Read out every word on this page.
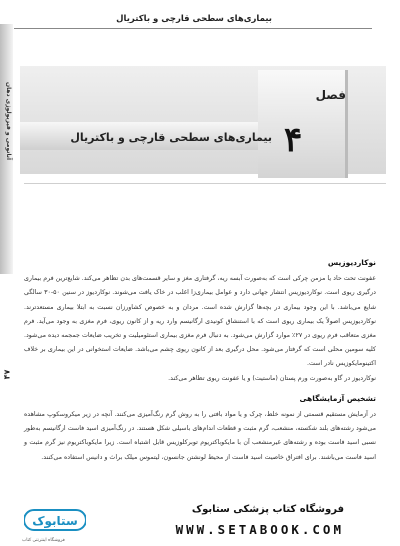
بیماری‌های سطحی قارچی و باکتریال
آناتومی و فیزیولوژی دهان
۴۷
فصل
۴
بیماری‌های سطحی قارچی و باکتریال
نوکاردیوزیس

عفونت تحت حاد یا مزمن چرکی است که به‌صورت آبسه ریه، گرفتاری مغز و سایر قسمت‌های بدن تظاهر می‌کند. شایع‌ترین فرم بیماری درگیری ریوی است. نوکاردیوزیس انتشار جهانی دارد و عوامل بیماری‌زا اغلب در خاک یافت می‌شوند. نوکاردیوز در سنین ۵۰-۳۰ سالگی شایع می‌باشد. با این وجود بیماری در بچه‌ها گزارش شده است. مردان و به خصوص کشاورزان نسبت به ابتلا بیماری مستعدترند. نوکاردیوزیس اصولاً یک بیماری ریوی است که با استنشاق کونیدی ارگانیسم وارد ریه و از کانون ریوی، فرم مغزی به وجود می‌آید. فرم مغزی متعاقب فرم ریوی در ۲۷٪ موارد گزارش می‌شود. به دنبال فرم مغزی بیماری استئومیلیت و تخریب ضایعات جمجمه دیده می‌شود. کلیه سومین محلی است که گرفتار می‌شود. محل درگیری بعد از کانون ریوی چشم می‌باشد. ضایعات استخوانی در این بیماری بر خلاف اکتینومایکوزیس نادر است.

نوکاردیوز در گاو به‌صورت ورم پستان (ماستیت) و یا عفونت ریوی تظاهر می‌کند.

تشخیص آزمایشگاهی

در آزمایش مستقیم قسمتی از نمونه خلط، چرک و یا مواد بافتی را به روش گرم رنگ‌آمیزی می‌کنند. آنچه در زیر میکروسکوپ مشاهده می‌شود رشته‌های بلند شکسته، منشعب، گرم مثبت و قطعات اندام‌های باسیلی شکل هستند. در رنگ‌آمیزی اسید فاست ارگانیسم به‌طور نسبی اسید فاست بوده و رشته‌های غیرمنشعب آن با مایکوباکتریوم توبرکلوزیس قابل اشتباه است. زیرا مایکوباکتریوم نیز گرم مثبت و اسید فاست می‌باشند. برای افتراق خاصیت اسید فاست از محیط لونشتن جانسون، لیتموس میلک براث و دانیس استفاده می‌کنند.

ستابوک
فروشگاه اینترنتی کتاب
فروشگاه کتاب پزشکی ستابوک
WWW.SETABOOK.COM
